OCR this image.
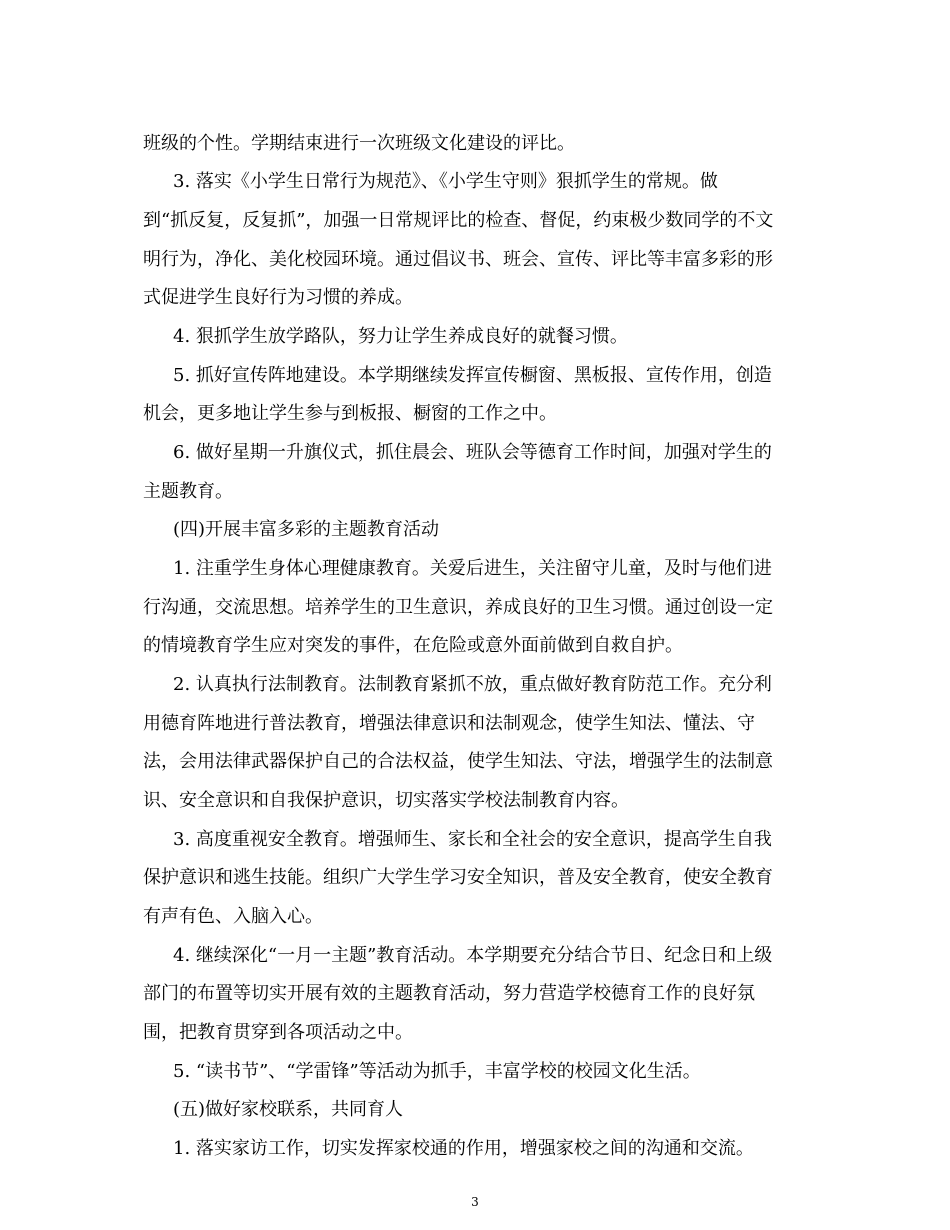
班级的个性。学期结束进行一次班级文化建设的评比。

3. 落实《小学生日常行为规范》、《小学生守则》狠抓学生的常规。做

到“抓反复，反复抓”，加强一日常规评比的检查、督促，约束极少数同学的不文

明行为，净化、美化校园环境。通过倡议书、班会、宣传、评比等丰富多彩的形

式促进学生良好行为习惯的养成。

4. 狠抓学生放学路队，努力让学生养成良好的就餐习惯。

5. 抓好宣传阵地建设。本学期继续发挥宣传橱窗、黑板报、宣传作用，创造

机会，更多地让学生参与到板报、橱窗的工作之中。

6. 做好星期一升旗仪式，抓住晨会、班队会等德育工作时间，加强对学生的

主题教育。

(四)开展丰富多彩的主题教育活动

1. 注重学生身体心理健康教育。关爱后进生，关注留守儿童，及时与他们进

行沟通，交流思想。培养学生的卫生意识，养成良好的卫生习惯。通过创设一定

的情境教育学生应对突发的事件，在危险或意外面前做到自救自护。

2. 认真执行法制教育。法制教育紧抓不放，重点做好教育防范工作。充分利

用德育阵地进行普法教育，增强法律意识和法制观念，使学生知法、懂法、守

法，会用法律武器保护自己的合法权益，使学生知法、守法，增强学生的法制意

识、安全意识和自我保护意识，切实落实学校法制教育内容。

3. 高度重视安全教育。增强师生、家长和全社会的安全意识，提高学生自我

保护意识和逃生技能。组织广大学生学习安全知识，普及安全教育，使安全教育

有声有色、入脑入心。

4. 继续深化“一月一主题”教育活动。本学期要充分结合节日、纪念日和上级

部门的布置等切实开展有效的主题教育活动，努力营造学校德育工作的良好氛

围，把教育贯穿到各项活动之中。

5. “读书节”、“学雷锋”等活动为抓手，丰富学校的校园文化生活。

(五)做好家校联系，共同育人

1. 落实家访工作，切实发挥家校通的作用，增强家校之间的沟通和交流。

3
